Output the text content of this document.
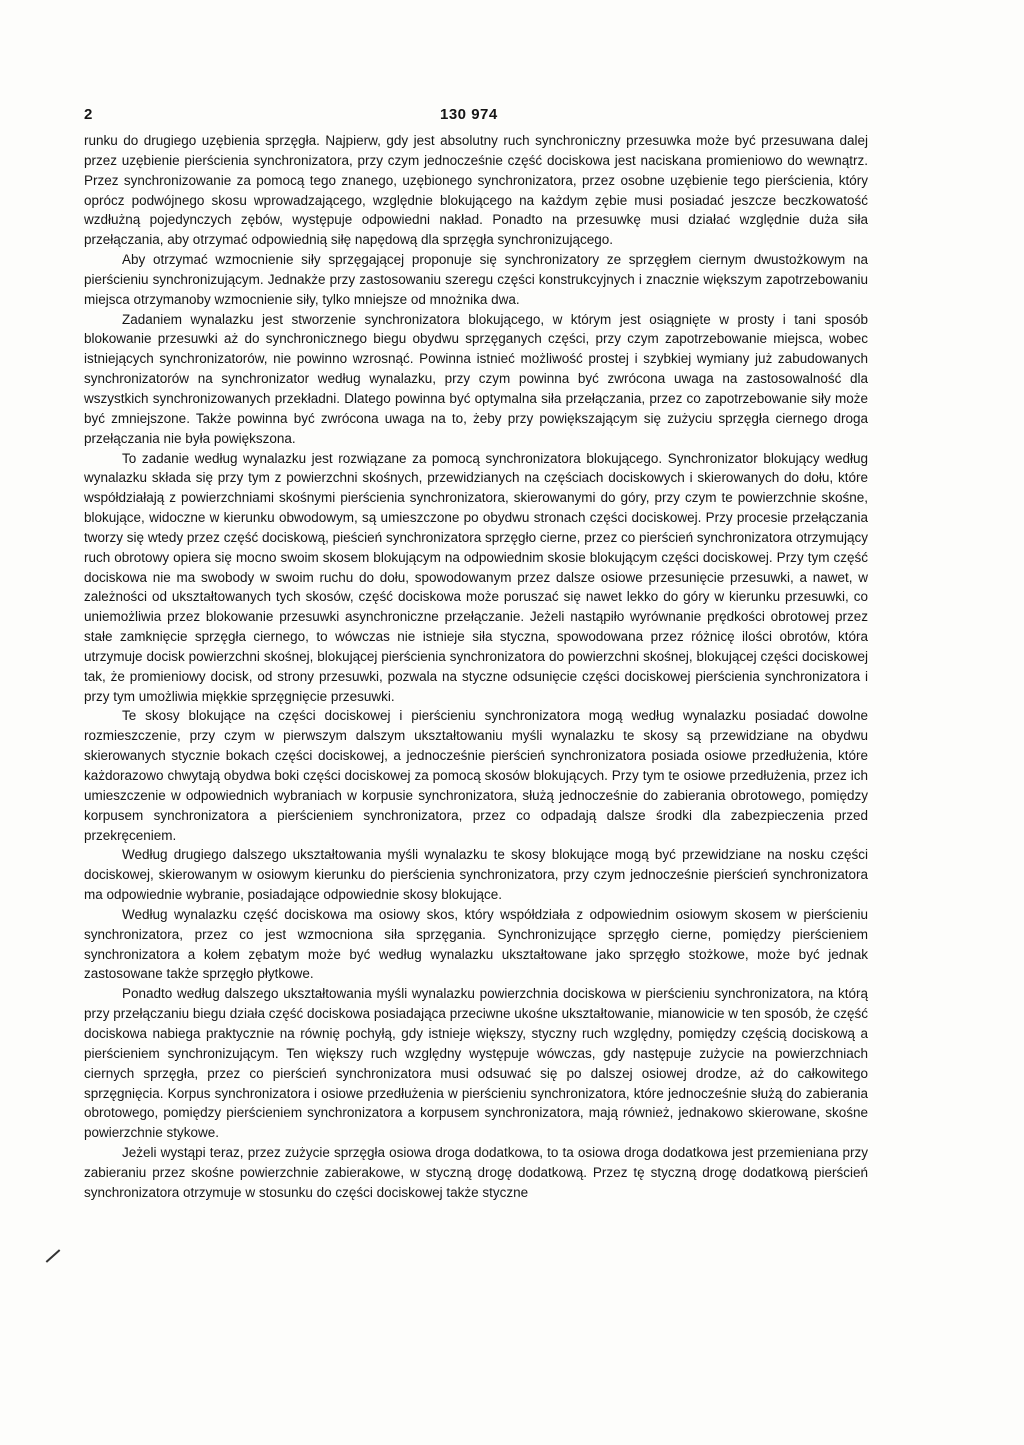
2	130 974

runku do drugiego uzębienia sprzęgła. Najpierw, gdy jest absolutny ruch synchroniczny przesuwka może być przesuwana dalej przez uzębienie pierścienia synchronizatora, przy czym jednocześnie część dociskowa jest naciskana promieniowo do wewnątrz. Przez synchronizowanie za pomocą tego znanego, uzębionego synchronizatora, przez osobne uzębienie tego pierścienia, który oprócz podwójnego skosu wprowadzającego, względnie blokującego na każdym zębie musi posiadać jeszcze beczkowatość wzdłużną pojedynczych zębów, występuje odpowiedni nakład. Ponadto na przesuwkę musi działać względnie duża siła przełączania, aby otrzymać odpowiednią siłę napędową dla sprzęgła synchronizującego.

Aby otrzymać wzmocnienie siły sprzęgającej proponuje się synchronizatory ze sprzęgłem ciernym dwustożkowym na pierścieniu synchronizującym. Jednakże przy zastosowaniu szeregu części konstrukcyjnych i znacznie większym zapotrzebowaniu miejsca otrzymanoby wzmocnienie siły, tylko mniejsze od mnożnika dwa.

Zadaniem wynalazku jest stworzenie synchronizatora blokującego, w którym jest osiągnięte w prosty i tani sposób blokowanie przesuwki aż do synchronicznego biegu obydwu sprzęganych części, przy czym zapotrzebowanie miejsca, wobec istniejących synchronizatorów, nie powinno wzrosnąć. Powinna istnieć możliwość prostej i szybkiej wymiany już zabudowanych synchronizatorów na synchronizator według wynalazku, przy czym powinna być zwrócona uwaga na zastosowalność dla wszystkich synchronizowanych przekładni. Dlatego powinna być optymalna siła przełączania, przez co zapotrzebowanie siły może być zmniejszone. Także powinna być zwrócona uwaga na to, żeby przy powiększającym się zużyciu sprzęgła ciernego droga przełączania nie była powiększona.

To zadanie według wynalazku jest rozwiązane za pomocą synchronizatora blokującego. Synchronizator blokujący według wynalazku składa się przy tym z powierzchni skośnych, przewidzianych na częściach dociskowych i skierowanych do dołu, które współdziałają z powierzchniami skośnymi pierścienia synchronizatora, skierowanymi do góry, przy czym te powierzchnie skośne, blokujące, widoczne w kierunku obwodowym, są umieszczone po obydwu stronach części dociskowej. Przy procesie przełączania tworzy się wtedy przez część dociskową, pieścień synchronizatora sprzęgło cierne, przez co pierścień synchronizatora otrzymujący ruch obrotowy opiera się mocno swoim skosem blokującym na odpowiednim skosie blokującym części dociskowej. Przy tym część dociskowa nie ma swobody w swoim ruchu do dołu, spowodowanym przez dalsze osiowe przesunięcie przesuwki, a nawet, w zależności od ukształtowanych tych skosów, część dociskowa może poruszać się nawet lekko do góry w kierunku przesuwki, co uniemożliwia przez blokowanie przesuwki asynchroniczne przełączanie. Jeżeli nastąpiło wyrównanie prędkości obrotowej przez stałe zamknięcie sprzęgła ciernego, to wówczas nie istnieje siła styczna, spowodowana przez różnicę ilości obrotów, która utrzymuje docisk powierzchni skośnej, blokującej pierścienia synchronizatora do powierzchni skośnej, blokującej części dociskowej tak, że promieniowy docisk, od strony przesuwki, pozwala na styczne odsunięcie części dociskowej pierścienia synchronizatora i przy tym umożliwia miękkie sprzęgnięcie przesuwki.

Te skosy blokujące na części dociskowej i pierścieniu synchronizatora mogą według wynalazku posiadać dowolne rozmieszczenie, przy czym w pierwszym dalszym ukształtowaniu myśli wynalazku te skosy są przewidziane na obydwu skierowanych stycznie bokach części dociskowej, a jednocześnie pierścień synchronizatora posiada osiowe przedłużenia, które każdorazowo chwytają obydwa boki części dociskowej za pomocą skosów blokujących. Przy tym te osiowe przedłużenia, przez ich umieszczenie w odpowiednich wybraniach w korpusie synchronizatora, służą jednocześnie do zabierania obrotowego, pomiędzy korpusem synchronizatora a pierścieniem synchronizatora, przez co odpadają dalsze środki dla zabezpieczenia przed przekręceniem.

Według drugiego dalszego ukształtowania myśli wynalazku te skosy blokujące mogą być przewidziane na nosku części dociskowej, skierowanym w osiowym kierunku do pierścienia synchronizatora, przy czym jednocześnie pierścień synchronizatora ma odpowiednie wybranie, posiadające odpowiednie skosy blokujące.

Według wynalazku część dociskowa ma osiowy skos, który współdziała z odpowiednim osiowym skosem w pierścieniu synchronizatora, przez co jest wzmocniona siła sprzęgania. Synchronizujące sprzęgło cierne, pomiędzy pierścieniem synchronizatora a kołem zębatym może być według wynalazku ukształtowane jako sprzęgło stożkowe, może być jednak zastosowane także sprzęgło płytkowe.

Ponadto według dalszego ukształtowania myśli wynalazku powierzchnia dociskowa w pierścieniu synchronizatora, na którą przy przełączaniu biegu działa część dociskowa posiadająca przeciwne ukośne ukształtowanie, mianowicie w ten sposób, że część dociskowa nabiega praktycznie na równię pochyłą, gdy istnieje większy, styczny ruch względny, pomiędzy częścią dociskową a pierścieniem synchronizującym. Ten większy ruch względny występuje wówczas, gdy następuje zużycie na powierzchniach ciernych sprzęgła, przez co pierścień synchronizatora musi odsuwać się po dalszej osiowej drodze, aż do całkowitego sprzęgnięcia. Korpus synchronizatora i osiowe przedłużenia w pierścieniu synchronizatora, które jednocześnie służą do zabierania obrotowego, pomiędzy pierścieniem synchronizatora a korpusem synchronizatora, mają również, jednakowo skierowane, skośne powierzchnie stykowe.

Jeżeli wystąpi teraz, przez zużycie sprzęgła osiowa droga dodatkowa, to ta osiowa droga dodatkowa jest przemieniana przy zabieraniu przez skośne powierzchnie zabierakowe, w styczną drogę dodatkową. Przez tę styczną drogę dodatkową pierścień synchronizatora otrzymuje w stosunku do części dociskowej także styczne
